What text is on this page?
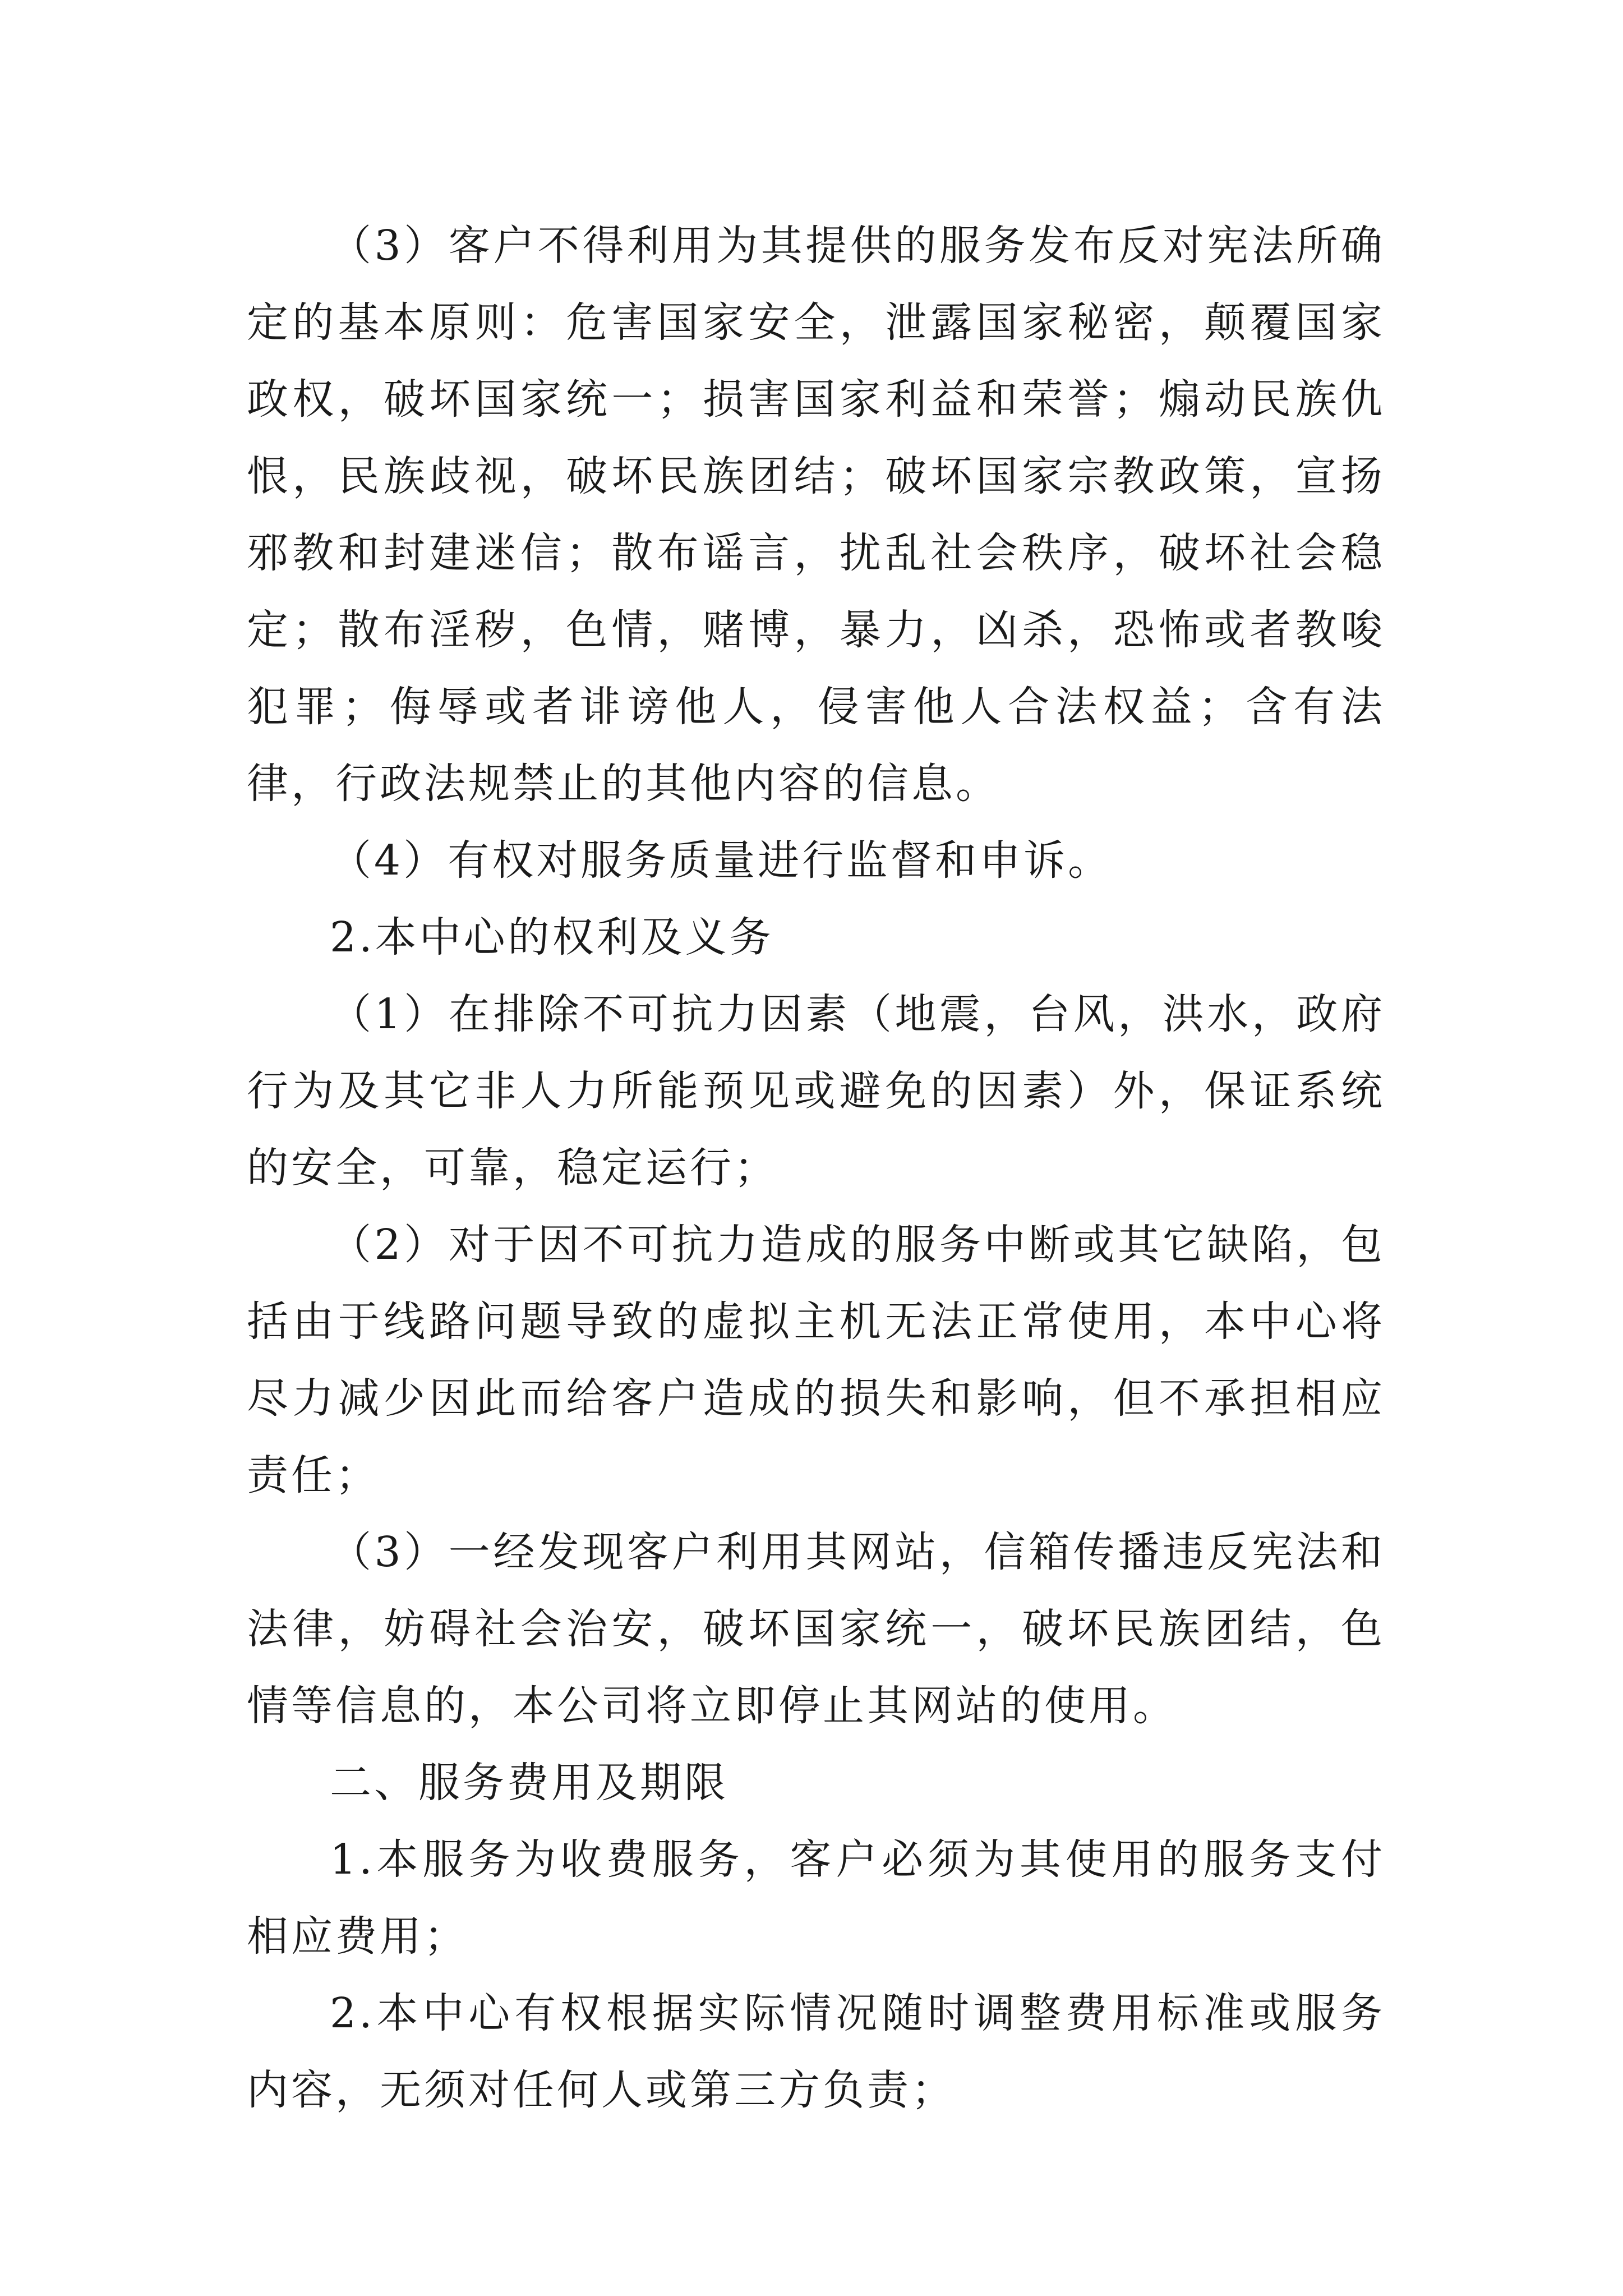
（3）客户不得利用为其提供的服务发布反对宪法所确定的基本原则：危害国家安全，泄露国家秘密，颠覆国家政权，破坏国家统一；损害国家利益和荣誉；煽动民族仇恨，民族歧视，破坏民族团结；破坏国家宗教政策，宣扬邪教和封建迷信；散布谣言，扰乱社会秩序，破坏社会稳定；散布淫秽，色情，赌博，暴力，凶杀，恐怖或者教唆犯罪；侮辱或者诽谤他人，侵害他人合法权益；含有法律，行政法规禁止的其他内容的信息。

（4）有权对服务质量进行监督和申诉。

2.本中心的权利及义务

（1）在排除不可抗力因素（地震，台风，洪水，政府行为及其它非人力所能预见或避免的因素）外，保证系统的安全，可靠，稳定运行；

（2）对于因不可抗力造成的服务中断或其它缺陷，包括由于线路问题导致的虚拟主机无法正常使用，本中心将尽力减少因此而给客户造成的损失和影响，但不承担相应责任；

（3）一经发现客户利用其网站，信箱传播违反宪法和法律，妨碍社会治安，破坏国家统一，破坏民族团结，色情等信息的，本公司将立即停止其网站的使用。

二、服务费用及期限

1.本服务为收费服务，客户必须为其使用的服务支付相应费用；

2.本中心有权根据实际情况随时调整费用标准或服务内容，无须对任何人或第三方负责；
